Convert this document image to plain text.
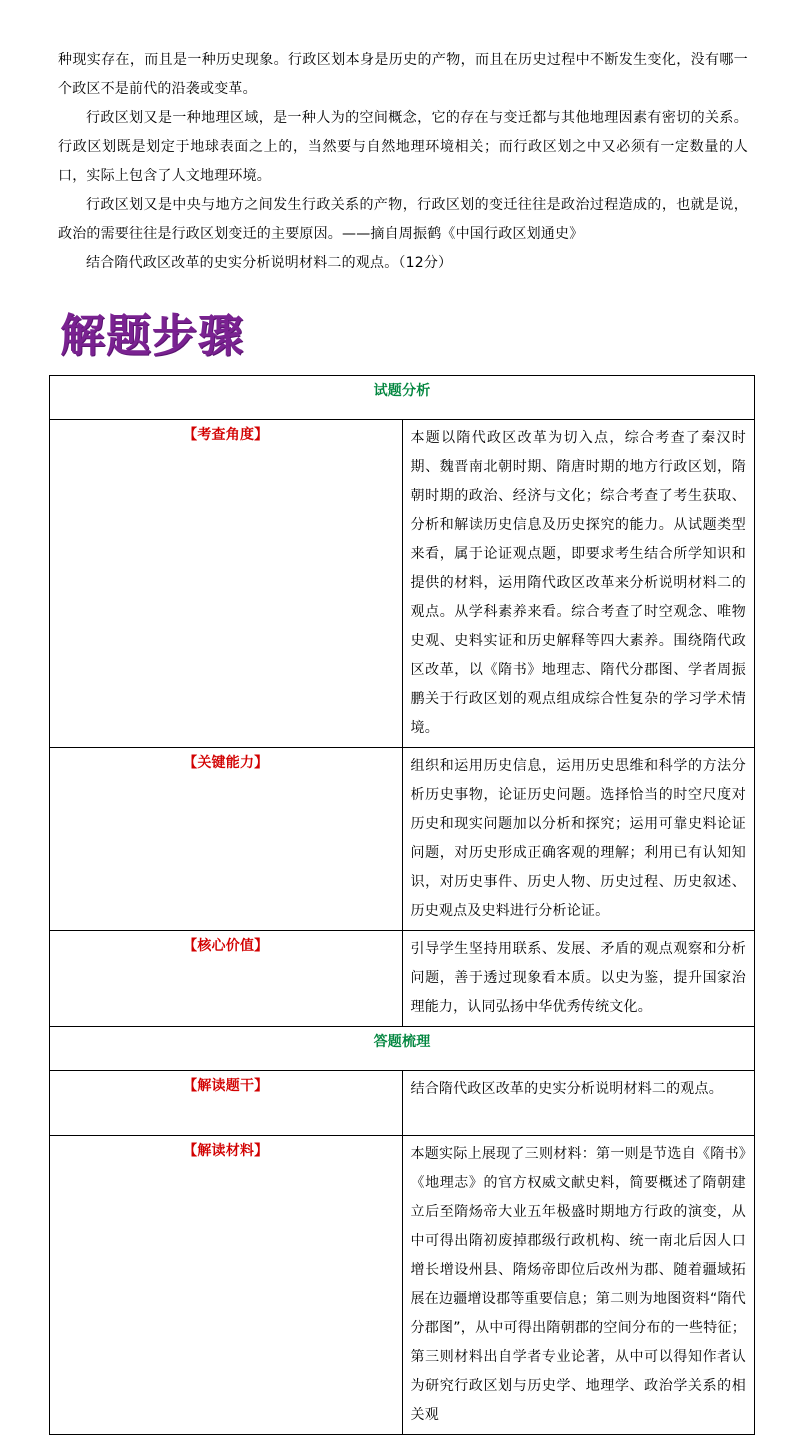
种现实存在，而且是一种历史现象。行政区划本身是历史的产物，而且在历史过程中不断发生变化，没有哪一个政区不是前代的沿袭或变革。

行政区划又是一种地理区域，是一种人为的空间概念，它的存在与变迁都与其他地理因素有密切的关系。行政区划既是划定于地球表面之上的，当然要与自然地理环境相关；而行政区划之中又必须有一定数量的人口，实际上包含了人文地理环境。

行政区划又是中央与地方之间发生行政关系的产物，行政区划的变迁往往是政治过程造成的，也就是说，政治的需要往往是行政区划变迁的主要原因。——摘自周振鹤《中国行政区划通史》

结合隋代政区改革的史实分析说明材料二的观点。（12分）

解题步骤
试题分析	
【考查角度】	本题以隋代政区改革为切入点，综合考查了秦汉时期、魏晋南北朝时期、隋唐时期的地方行政区划，隋朝时期的政治、经济与文化；综合考查了考生获取、分析和解读历史信息及历史探究的能力。从试题类型来看，属于论证观点题，即要求考生结合所学知识和提供的材料，运用隋代政区改革来分析说明材料二的观点。从学科素养来看。综合考查了时空观念、唯物史观、史料实证和历史解释等四大素养。围绕隋代政区改革，以《隋书》地理志、隋代分郡图、学者周振鹏关于行政区划的观点组成综合性复杂的学习学术情境。
【关键能力】	组织和运用历史信息，运用历史思维和科学的方法分析历史事物，论证历史问题。选择恰当的时空尺度对历史和现实问题加以分析和探究；运用可靠史料论证问题，对历史形成正确客观的理解；利用已有认知知识，对历史事件、历史人物、历史过程、历史叙述、历史观点及史料进行分析论证。
【核心价值】	引导学生坚持用联系、发展、矛盾的观点观察和分析问题，善于透过现象看本质。以史为鉴，提升国家治理能力，认同弘扬中华优秀传统文化。
答题梳理	
【解读题干】	结合隋代政区改革的史实分析说明材料二的观点。
【解读材料】	本题实际上展现了三则材料：第一则是节选自《隋书》《地理志》的官方权威文献史料，简要概述了隋朝建立后至隋炀帝大业五年极盛时期地方行政的演变，从中可得出隋初废掉郡级行政机构、统一南北后因人口增长增设州县、隋炀帝即位后改州为郡、随着疆域拓展在边疆增设郡等重要信息；第二则为地图资料“隋代分郡图”，从中可得出隋朝郡的空间分布的一些特征；第三则材料出自学者专业论著，从中可以得知作者认为研究行政区划与历史学、地理学、政治学关系的相关观
